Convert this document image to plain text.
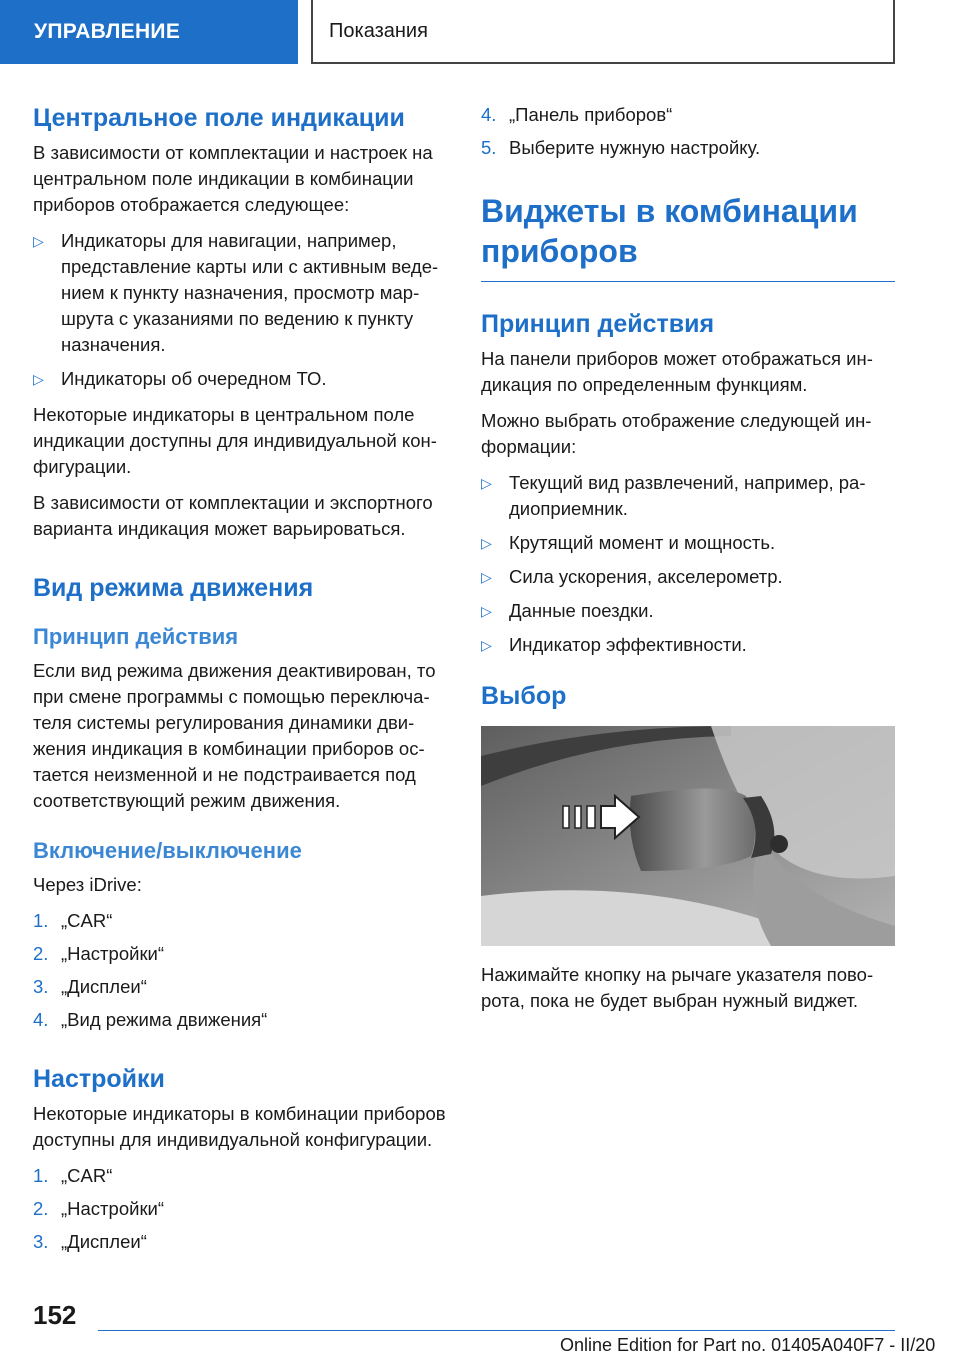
УПРАВЛЕНИЕ	Показания
Центральное поле индикации

В зависимости от комплектации и настроек на центральном поле индикации в комбинации приборов отображается следующее:

▷ Индикаторы для навигации, например, представление карты или с активным ведением к пункту назначения, просмотр маршрута с указаниями по ведению к пункту назначения.
▷ Индикаторы об очередном ТО.

Некоторые индикаторы в центральном поле индикации доступны для индивидуальной конфигурации.

В зависимости от комплектации и экспортного варианта индикация может варьироваться.

Вид режима движения
Принцип действия

Если вид режима движения деактивирован, то при смене программы с помощью переключателя системы регулирования динамики движения индикация в комбинации приборов остается неизменной и не подстраивается под соответствующий режим движения.

Включение/выключение

Через iDrive:

1. „CAR“
2. „Настройки“
3. „Дисплеи“
4. „Вид режима движения“
Настройки

Некоторые индикаторы в комбинации приборов доступны для индивидуальной конфигурации.

1. „CAR“
2. „Настройки“
3. „Дисплеи“
4. „Панель приборов“
5. Выберите нужную настройку.
Виджеты в комбинации приборов
Принцип действия

На панели приборов может отображаться индикация по определенным функциям.

Можно выбрать отображение следующей информации:

▷ Текущий вид развлечений, например, радиоприемник.
▷ Крутящий момент и мощность.
▷ Сила ускорения, акселерометр.
▷ Данные поездки.
▷ Индикатор эффективности.
Выбор

Нажимайте кнопку на рычаге указателя поворота, пока не будет выбран нужный виджет.

152
Online Edition for Part no. 01405A040F7 - II/20
